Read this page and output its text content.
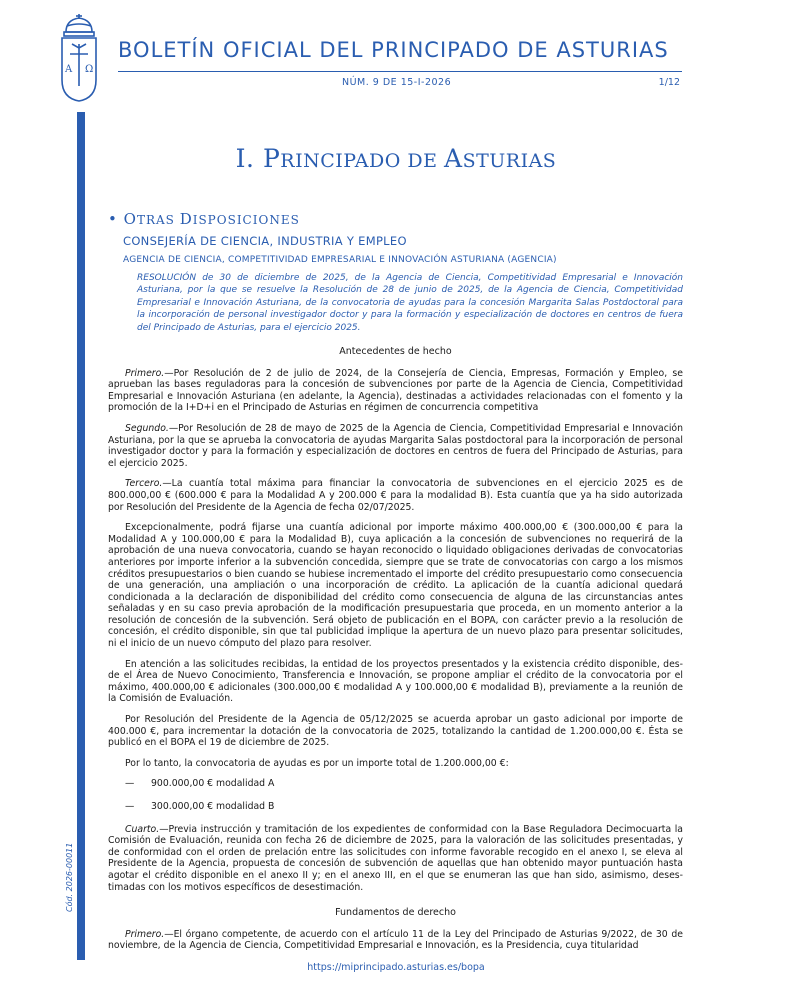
A Ω
BOLETÍN OFICIAL DEL PRINCIPADO DE ASTURIAS
NÚM. 9 DE 15-I-2026	1/12
Cód. 2026-00011
I. PRINCIPADO DE ASTURIAS
• OTRAS DISPOSICIONES
CONSEJERÍA DE CIENCIA, INDUSTRIA Y EMPLEO
AGENCIA DE CIENCIA, COMPETITIVIDAD EMPRESARIAL E INNOVACIÓN ASTURIANA (AGENCIA)
RESOLUCIÓN de 30 de diciembre de 2025, de la Agencia de Ciencia, Competitividad Empresarial e Innovación Asturiana, por la que se resuelve la Resolución de 28 de junio de 2025, de la Agencia de Ciencia, Competitividad Empresarial e Innovación Asturiana, de la convocatoria de ayudas para la concesión Margarita Salas Postdoctoral para la incorporación de personal investigador doctor y para la formación y especialización de doctores en centros de fuera del Principado de Asturias, para el ejercicio 2025.
Antecedentes de hecho

Primero.—Por Resolución de 2 de julio de 2024, de la Consejería de Ciencia, Empresas, Formación y Empleo, se aprueban las bases reguladoras para la concesión de subvenciones por parte de la Agencia de Ciencia, Competitividad Empresarial e Innovación Asturiana (en adelante, la Agencia), destinadas a actividades relacionadas con el fomento y la promoción de la I+D+i en el Principado de Asturias en régimen de concurrencia competitiva

Segundo.—Por Resolución de 28 de mayo de 2025 de la Agencia de Ciencia, Competitividad Empresarial e Innovación Asturiana, por la que se aprueba la convocatoria de ayudas Margarita Salas postdoctoral para la incorporación de personal investigador doctor y para la formación y especialización de doctores en centros de fuera del Principado de Asturias, para el ejercicio 2025.

Tercero.—La cuantía total máxima para financiar la convocatoria de subvenciones en el ejercicio 2025 es de 800.000,00 € (600.000 € para la Modalidad A y 200.000 € para la modalidad B). Esta cuantía que ya ha sido autorizada por Resolución del Presidente de la Agencia de fecha 02/07/2025.

Excepcionalmente, podrá fijarse una cuantía adicional por importe máximo 400.000,00 € (300.000,00 € para la Modalidad A y 100.000,00 € para la Modalidad B), cuya aplicación a la concesión de subvenciones no requerirá de la aprobación de una nueva convocatoria, cuando se hayan reconocido o liquidado obligaciones derivadas de convocatorias anteriores por importe inferior a la subvención concedida, siempre que se trate de convocatorias con cargo a los mismos créditos presupuestarios o bien cuando se hubiese incrementado el importe del crédito presupuestario como consecuencia de una generación, una ampliación o una incorporación de crédito. La aplicación de la cuantía adicional quedará condicionada a la declaración de disponibilidad del crédito como consecuencia de alguna de las circunstancias antes señaladas y en su caso previa aprobación de la modificación presupuestaria que proceda, en un momento anterior a la resolución de concesión de la subvención. Será objeto de publicación en el BOPA, con carácter previo a la resolución de concesión, el crédito disponible, sin que tal publicidad implique la apertura de un nuevo plazo para presentar solicitudes, ni el inicio de un nuevo cómputo del plazo para resolver.

En atención a las solicitudes recibidas, la entidad de los proyectos presentados y la existencia crédito disponible, desde el Área de Nuevo Conocimiento, Transferencia e Innovación, se propone ampliar el crédito de la convocatoria por el máximo, 400.000,00 € adicionales (300.000,00 € modalidad A y 100.000,00 € modalidad B), previamente a la reunión de la Comisión de Evaluación.

Por Resolución del Presidente de la Agencia de 05/12/2025 se acuerda aprobar un gasto adicional por importe de 400.000 €, para incrementar la dotación de la convocatoria de 2025, totalizando la cantidad de 1.200.000,00 €. Ésta se publicó en el BOPA el 19 de diciembre de 2025.

Por lo tanto, la convocatoria de ayudas es por un importe total de 1.200.000,00 €:

— 900.000,00 € modalidad A

— 300.000,00 € modalidad B

Cuarto.—Previa instrucción y tramitación de los expedientes de conformidad con la Base Reguladora Decimocuarta la Comisión de Evaluación, reunida con fecha 26 de diciembre de 2025, para la valoración de las solicitudes presentadas, y de conformidad con el orden de prelación entre las solicitudes con informe favorable recogido en el anexo I, se eleva al Presidente de la Agencia, propuesta de concesión de subvención de aquellas que han obtenido mayor puntuación hasta agotar el crédito disponible en el anexo II y; en el anexo III, en el que se enumeran las que han sido, asimismo, desestimadas con los motivos específicos de desestimación.

Fundamentos de derecho

Primero.—El órgano competente, de acuerdo con el artículo 11 de la Ley del Principado de Asturias 9/2022, de 30 de noviembre, de la Agencia de Ciencia, Competitividad Empresarial e Innovación, es la Presidencia, cuya titularidad

https://miprincipado.asturias.es/bopa
